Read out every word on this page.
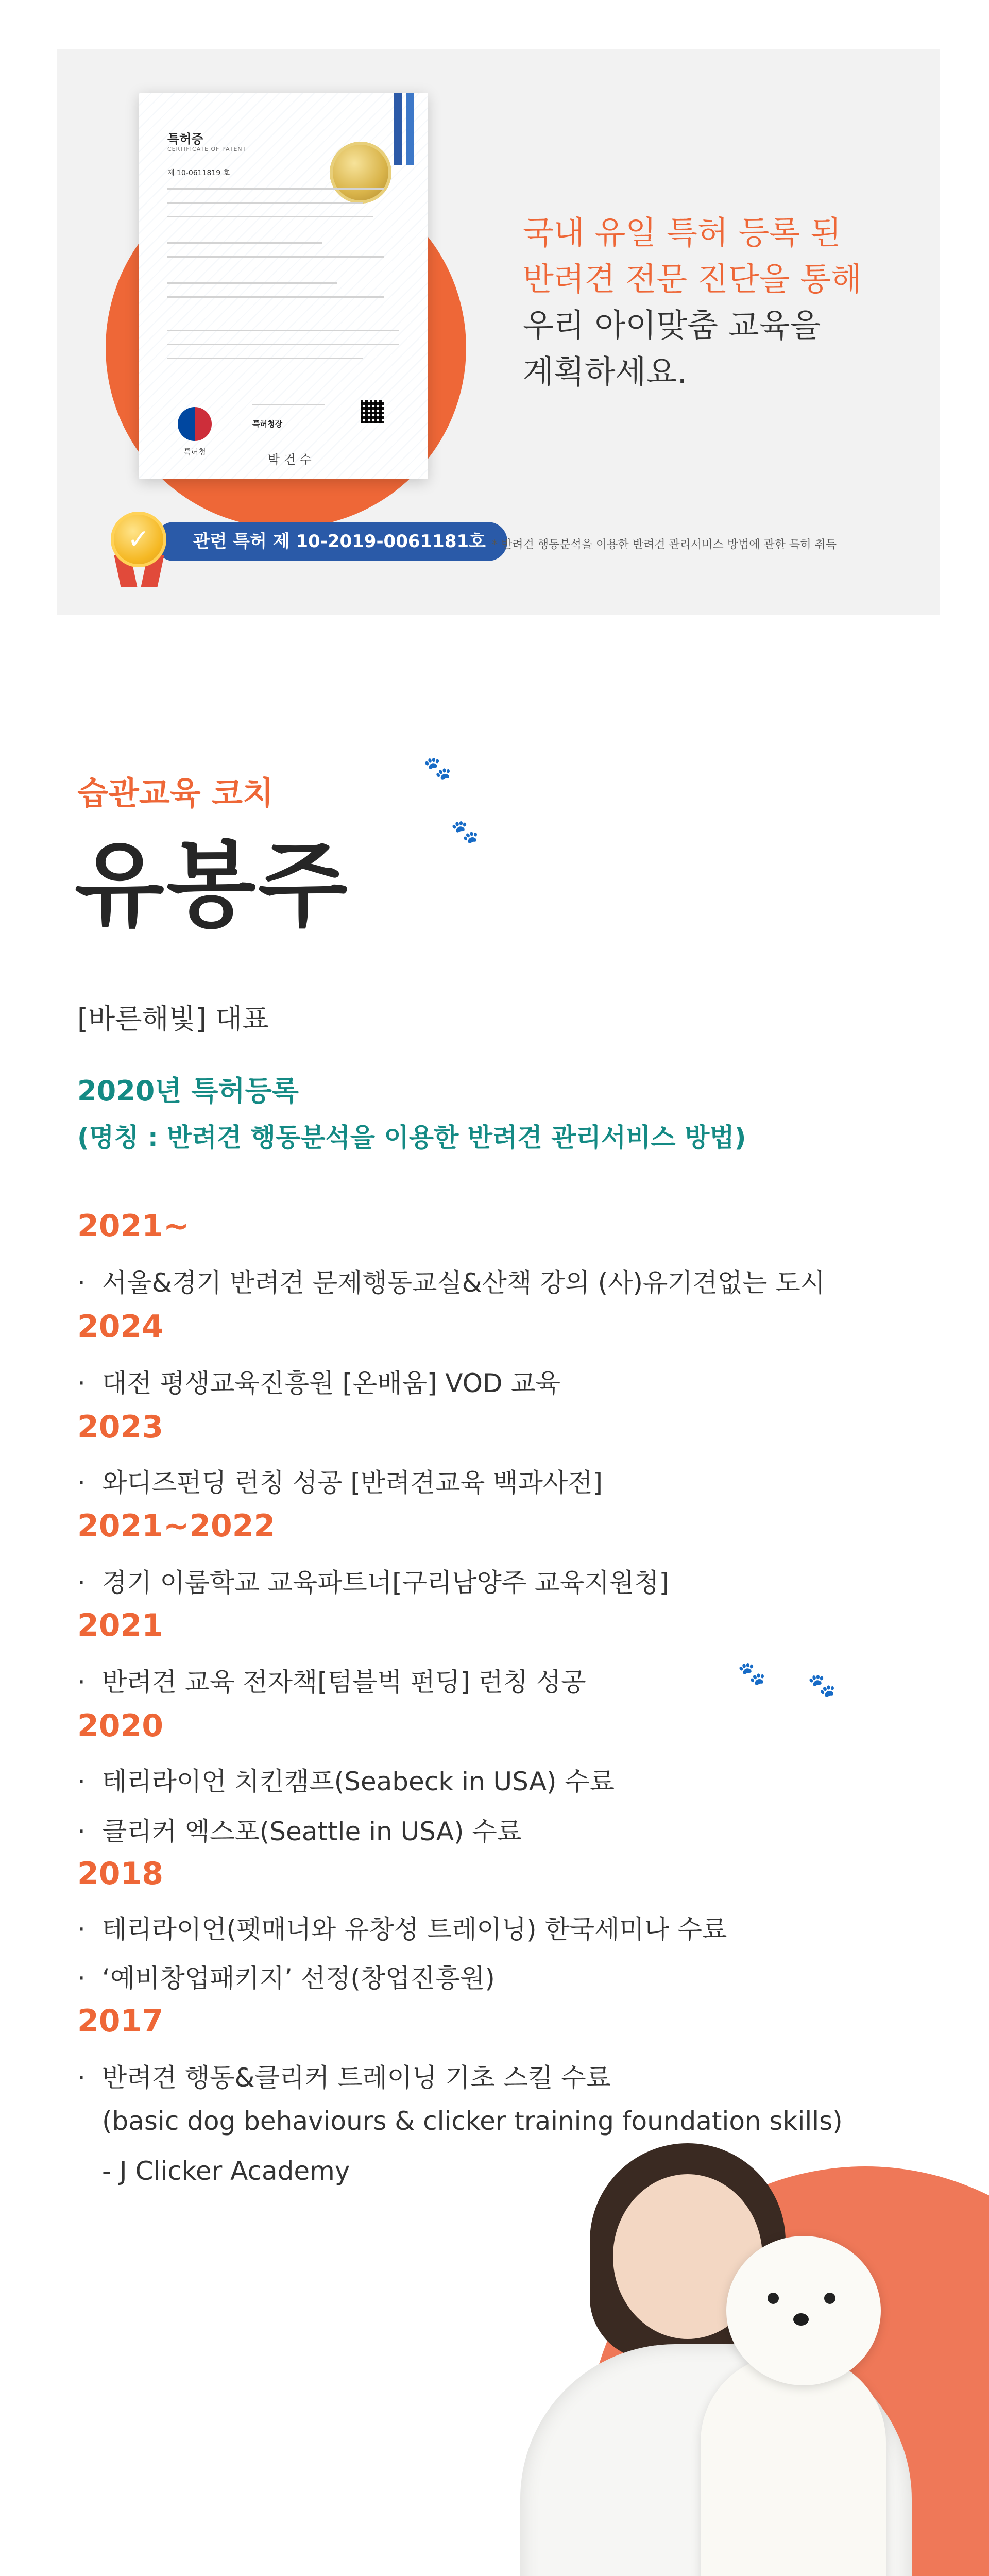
특허증
CERTIFICATE OF PATENT
제 10-0611819 호
특허청장
박 건 수
특허청
관련 특허 제 10-2019-0061181호
✓
국내 유일 특허 등록 된
반려견 전문 진단을 통해
우리 아이맞춤 교육을
계획하세요.
* 반려견 행동분석을 이용한 반려견 관리서비스 방법에 관한 특허 취득
🐾
🐾
🐾 🐾
습관교육 코치
유봉주
[바른해빛] 대표
2020년 특허등록
(명칭 : 반려견 행동분석을 이용한 반려견 관리서비스 방법)
2021~
· 서울&경기 반려견 문제행동교실&산책 강의 (사)유기견없는 도시
2024
· 대전 평생교육진흥원 [온배움] VOD 교육
2023
· 와디즈펀딩 런칭 성공 [반려견교육 백과사전]
2021~2022
· 경기 이룸학교 교육파트너[구리남양주 교육지원청]
2021
· 반려견 교육 전자책[텀블벅 펀딩] 런칭 성공
2020
· 테리라이언 치킨캠프(Seabeck in USA) 수료
· 클리커 엑스포(Seattle in USA) 수료
2018
· 테리라이언(펫매너와 유창성 트레이닝) 한국세미나 수료
· ‘예비창업패키지’ 선정(창업진흥원)
2017
· 반려견 행동&클리커 트레이닝 기초 스킬 수료
(basic dog behaviours & clicker training foundation skills)
- J Clicker Academy
